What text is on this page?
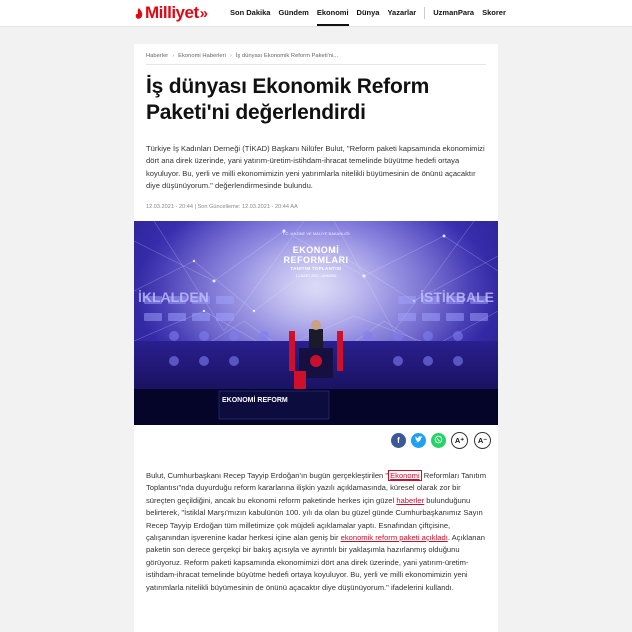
Milliyet »	Son Dakika Gündem Ekonomi Dünya Yazarlar UzmanPara Skorer
Haberler › Ekonomi Haberleri › İş dünyası Ekonomik Reform Paketi'ni...
İş dünyası Ekonomik Reform Paketi'ni değerlendirdi

Türkiye İş Kadınları Derneği (TİKAD) Başkanı Nilüfer Bulut, "Reform paketi kapsamında ekonomimizi dört ana direk üzerinde, yani yatırım-üretim-istihdam-ihracat temelinde büyütme hedefi ortaya koyuluyor. Bu, yerli ve milli ekonomimizin yeni yatırımlarla nitelikli büyümesinin de önünü açacaktır diye düşünüyorum." değerlendirmesinde bulundu.

12.03.2021 - 20:44 | Son Güncelleme: 12.03.2021 - 20:44 AA
T.C. HAZİNE VE MALİYE BAKANLIĞI
EKONOMİ
REFORMLARI
TANITIM TOPLANTISI
12 MART 2021 - ANKARA
İKLALDEN	İSTİKBALE
EKONOMİ REFORM
f	A⁺ A⁻

Bulut, Cumhurbaşkanı Recep Tayyip Erdoğan'ın bugün gerçekleştirilen " Ekonomi Reformları Tanıtım Toplantısı"nda duyurduğu reform kararlarına ilişkin yazılı açıklamasında, küresel olarak zor bir süreçten geçildiğini, ancak bu ekonomi reform paketinde herkes için güzel haberler bulunduğunu belirterek, "İstiklal Marşı'mızın kabulünün 100. yılı da olan bu güzel günde Cumhurbaşkanımız Sayın Recep Tayyip Erdoğan tüm milletimize çok müjdeli açıklamalar yaptı. Esnafından çiftçisine, çalışanından işverenine kadar herkesi içine alan geniş bir ekonomik reform paketi açıkladı. Açıklanan paketin son derece gerçekçi bir bakış açısıyla ve ayrıntılı bir yaklaşımla hazırlanmış olduğunu görüyoruz. Reform paketi kapsamında ekonomimizi dört ana direk üzerinde, yani yatırım-üretim-istihdam-ihracat temelinde büyütme hedefi ortaya koyuluyor. Bu, yerli ve milli ekonomimizin yeni yatırımlarla nitelikli büyümesinin de önünü açacaktır diye düşünüyorum." ifadelerini kullandı.
